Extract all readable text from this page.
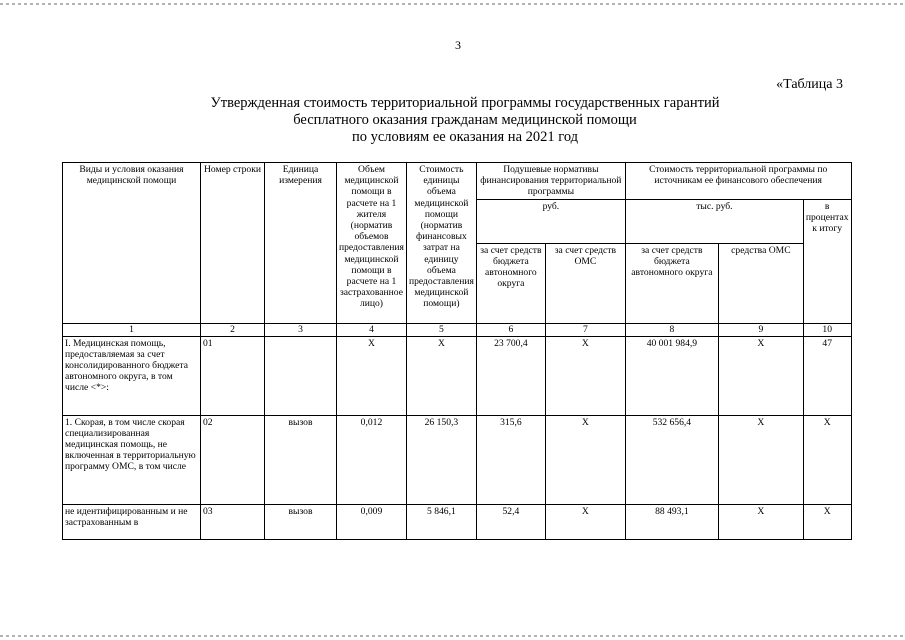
3
«Таблица 3
Утвержденная стоимость территориальной программы государственных гарантий
бесплатного оказания гражданам медицинской помощи
по условиям ее оказания на 2021 год
Виды и условия оказания медицинской помощи	Номер строки	Единица измерения	Объем медицинской помощи в расчете на 1 жителя (норматив объемов предоставления медицинской помощи в расчете на 1 застрахованное лицо)	Стоимость единицы объема медицинской помощи (норматив финансовых затрат на единицу объема предоставления медицинской помощи)	Подушевые нормативы финансирования территориальной программы		Стоимость территориальной программы по источникам ее финансового обеспечения		
					руб.		тыс. руб.		в процентах к итогу
					за счет средств бюджета автономного округа	за счет средств ОМС	за счет средств бюджета автономного округа	средства ОМС	
1	2	3	4	5	6	7	8	9	10
I. Медицинская помощь, предоставляемая за счет консолидированного бюджета автономного округа, в том числе <*>:	01		X	X	23 700,4	X	40 001 984,9	X	47
1. Скорая, в том числе скорая специализированная медицинская помощь, не включенная в территориальную программу ОМС, в том числе	02	вызов	0,012	26 150,3	315,6	X	532 656,4	X	X
не идентифицированным и не застрахованным в	03	вызов	0,009	5 846,1	52,4	X	88 493,1	X	X
